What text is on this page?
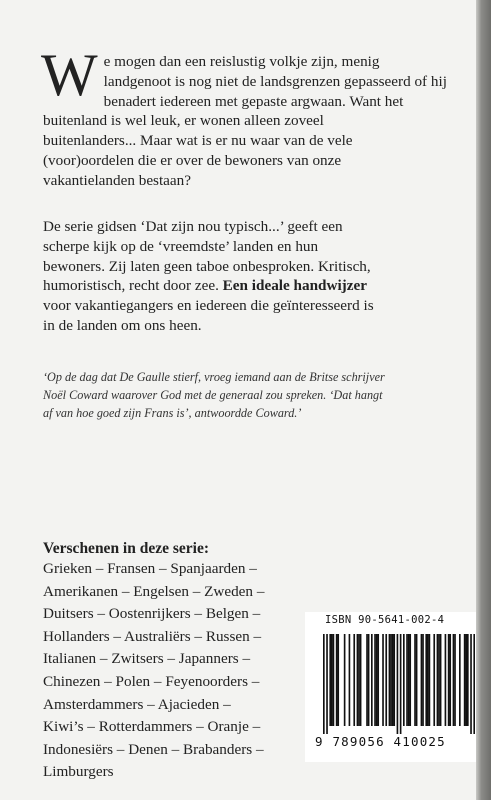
W e mogen dan een reislustig volkje zijn, menig
landgenoot is nog niet de landsgrenzen gepasseerd of hij
benadert iedereen met gepaste argwaan. Want het
buitenland is wel leuk, er wonen alleen zoveel
buitenlanders... Maar wat is er nu waar van de vele
(voor)oordelen die er over de bewoners van onze
vakantielanden bestaan?
De serie gidsen ‘Dat zijn nou typisch...’ geeft een
scherpe kijk op de ‘vreemdste’ landen en hun
bewoners. Zij laten geen taboe onbesproken. Kritisch,
humoristisch, recht door zee. Een ideale handwijzer
voor vakantiegangers en iedereen die geïnteresseerd is
in de landen om ons heen.
‘Op de dag dat De Gaulle stierf, vroeg iemand aan de Britse schrijver
Noël Coward waarover God met de generaal zou spreken. ‘Dat hangt
af van hoe goed zijn Frans is’, antwoordde Coward.’
Verschenen in deze serie:
Grieken – Fransen – Spanjaarden –
Amerikanen – Engelsen – Zweden –
Duitsers – Oostenrijkers – Belgen –
Hollanders – Australiërs – Russen –
Italianen – Zwitsers – Japanners –
Chinezen – Polen – Feyenoorders –
Amsterdammers – Ajacieden –
Kiwi’s – Rotterdammers – Oranje –
Indonesiërs – Denen – Brabanders –
Limburgers
ISBN 90-5641-002-4
9 789056 410025
